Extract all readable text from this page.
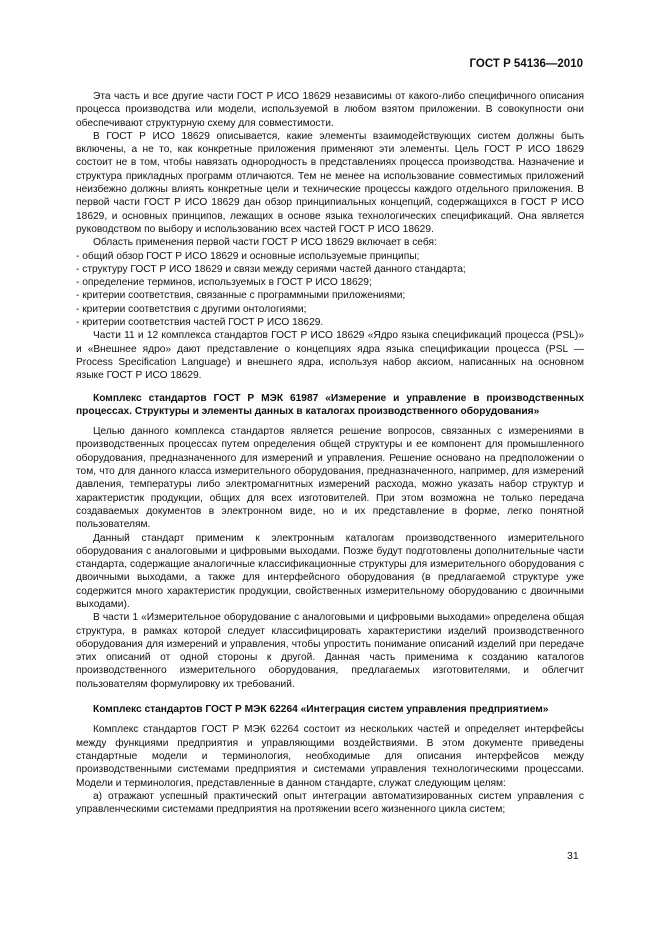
ГОСТ Р 54136—2010

Эта часть и все другие части ГОСТ Р ИСО 18629 независимы от какого-либо специфичного описания процесса производства или модели, используемой в любом взятом приложении. В совокупности они обеспечивают структурную схему для совместимости.

В ГОСТ Р ИСО 18629 описывается, какие элементы взаимодействующих систем должны быть включены, а не то, как конкретные приложения применяют эти элементы. Цель ГОСТ Р ИСО 18629 состоит не в том, чтобы навязать однородность в представлениях процесса производства. Назначение и структура прикладных программ отличаются. Тем не менее на использование совместимых приложений неизбежно должны влиять конкретные цели и технические процессы каждого отдельного приложения. В первой части ГОСТ Р ИСО 18629 дан обзор принципиальных концепций, содержащихся в ГОСТ Р ИСО 18629, и основных принципов, лежащих в основе языка технологических спецификаций. Она является руководством по выбору и использованию всех частей ГОСТ Р ИСО 18629.

Область применения первой части ГОСТ Р ИСО 18629 включает в себя:

- общий обзор ГОСТ Р ИСО 18629 и основные используемые принципы;

- структуру ГОСТ Р ИСО 18629 и связи между сериями частей данного стандарта;

- определение терминов, используемых в ГОСТ Р ИСО 18629;

- критерии соответствия, связанные с программными приложениями;

- критерии соответствия с другими онтологиями;

- критерии соответствия частей ГОСТ Р ИСО 18629.

Части 11 и 12 комплекса стандартов ГОСТ Р ИСО 18629 «Ядро языка спецификаций процесса (PSL)» и «Внешнее ядро» дают представление о концепциях ядра языка спецификации процесса (PSL — Process Specification Language) и внешнего ядра, используя набор аксиом, написанных на основном языке ГОСТ Р ИСО 18629.

Комплекс стандартов ГОСТ Р МЭК 61987 «Измерение и управление в производственных процессах. Структуры и элементы данных в каталогах производственного оборудования»

Целью данного комплекса стандартов является решение вопросов, связанных с измерениями в производственных процессах путем определения общей структуры и ее компонент для промышленного оборудования, предназначенного для измерений и управления. Решение основано на предположении о том, что для данного класса измерительного оборудования, предназначенного, например, для измерений давления, температуры либо электромагнитных измерений расхода, можно указать набор структур и характеристик продукции, общих для всех изготовителей. При этом возможна не только передача создаваемых документов в электронном виде, но и их представление в форме, легко понятной пользователям.

Данный стандарт применим к электронным каталогам производственного измерительного оборудования с аналоговыми и цифровыми выходами. Позже будут подготовлены дополнительные части стандарта, содержащие аналогичные классификационные структуры для измерительного оборудования с двоичными выходами, а также для интерфейсного оборудования (в предлагаемой структуре уже содержится много характеристик продукции, свойственных измерительному оборудованию с двоичными выходами).

В части 1 «Измерительное оборудование с аналоговыми и цифровыми выходами» определена общая структура, в рамках которой следует классифицировать характеристики изделий производственного оборудования для измерений и управления, чтобы упростить понимание описаний изделий при передаче этих описаний от одной стороны к другой. Данная часть применима к созданию каталогов производственного измерительного оборудования, предлагаемых изготовителями, и облегчит пользователям формулировку их требований.

Комплекс стандартов ГОСТ Р МЭК 62264 «Интеграция систем управления предприятием»

Комплекс стандартов ГОСТ Р МЭК 62264 состоит из нескольких частей и определяет интерфейсы между функциями предприятия и управляющими воздействиями. В этом документе приведены стандартные модели и терминология, необходимые для описания интерфейсов между производственными системами предприятия и системами управления технологическими процессами. Модели и терминология, представленные в данном стандарте, служат следующим целям:

а) отражают успешный практический опыт интеграции автоматизированных систем управления с управленческими системами предприятия на протяжении всего жизненного цикла систем;

31
